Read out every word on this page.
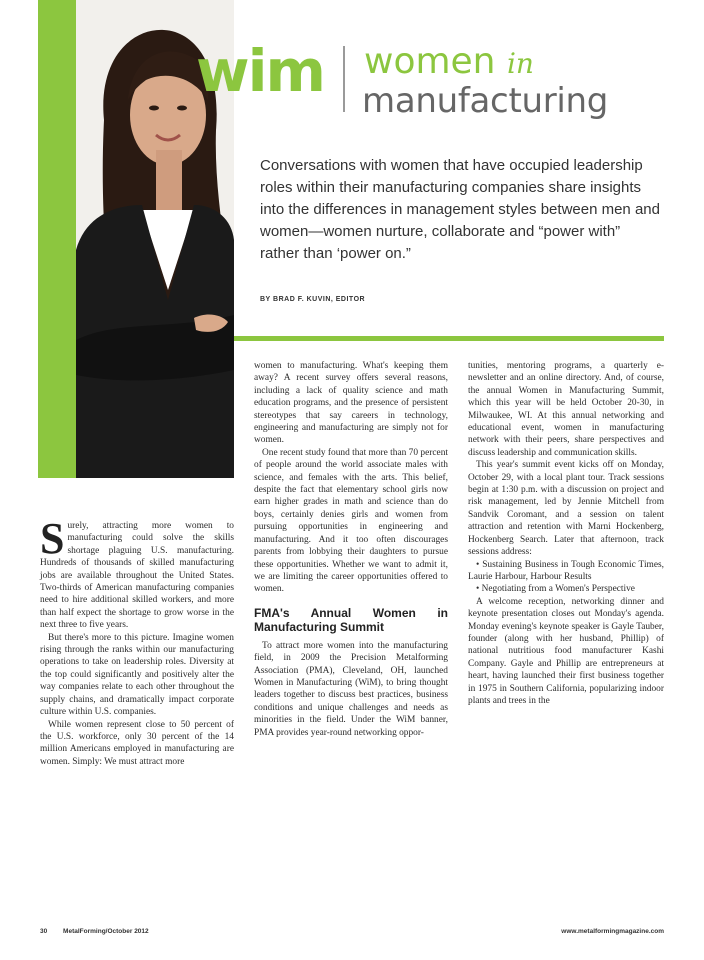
wim women in
manufacturing
Conversations with women that have occupied leadership roles within their manufacturing companies share insights into the differences in management styles between men and women—women nurture, collaborate and “power with” rather than ‘power on.”
BY BRAD F. KUVIN, EDITOR

Surely, attracting more women to manufacturing could solve the skills shortage plaguing U.S. manufacturing. Hundreds of thousands of skilled manufacturing jobs are available throughout the United States. Two-thirds of American manufacturing companies need to hire additional skilled workers, and more than half expect the shortage to grow worse in the next three to five years.

But there's more to this picture. Imagine women rising through the ranks within our manufacturing operations to take on leadership roles. Diversity at the top could significantly and positively alter the way companies relate to each other throughout the supply chains, and dramatically impact corporate culture within U.S. companies.

While women represent close to 50 percent of the U.S. workforce, only 30 percent of the 14 million Americans employed in manufacturing are women. Simply: We must attract more

women to manufacturing. What's keeping them away? A recent survey offers several reasons, including a lack of quality science and math education programs, and the presence of persistent stereotypes that say careers in technology, engineering and manufacturing are simply not for women.

One recent study found that more than 70 percent of people around the world associate males with science, and females with the arts. This belief, despite the fact that elementary school girls now earn higher grades in math and science than do boys, certainly denies girls and women from pursuing opportunities in engineering and manufacturing. And it too often discourages parents from lobbying their daughters to pursue these opportunities. Whether we want to admit it, we are limiting the career opportunities offered to women.

FMA's Annual Women in Manufacturing Summit

To attract more women into the manufacturing field, in 2009 the Precision Metalforming Association (PMA), Cleveland, OH, launched Women in Manufacturing (WiM), to bring thought leaders together to discuss best practices, business conditions and unique challenges and needs as minorities in the field. Under the WiM banner, PMA provides year-round networking oppor-

tunities, mentoring programs, a quarterly e-newsletter and an online directory. And, of course, the annual Women in Manufacturing Summit, which this year will be held October 20-30, in Milwaukee, WI. At this annual networking and educational event, women in manufacturing network with their peers, share perspectives and discuss leadership and communication skills.

This year's summit event kicks off on Monday, October 29, with a local plant tour. Track sessions begin at 1:30 p.m. with a discussion on project and risk management, led by Jennie Mitchell from Sandvik Coromant, and a session on talent attraction and retention with Marni Hockenberg, Hockenberg Search. Later that afternoon, track sessions address:

• Sustaining Business in Tough Economic Times, Laurie Harbour, Harbour Results

• Negotiating from a Women's Perspective

A welcome reception, networking dinner and keynote presentation closes out Monday's agenda. Monday evening's keynote speaker is Gayle Tauber, founder (along with her husband, Phillip) of national nutritious food manufacturer Kashi Company. Gayle and Phillip are entrepreneurs at heart, having launched their first business together in 1975 in Southern California, popularizing indoor plants and trees in the

30 MetalForming/October 2012	www.metalformingmagazine.com
